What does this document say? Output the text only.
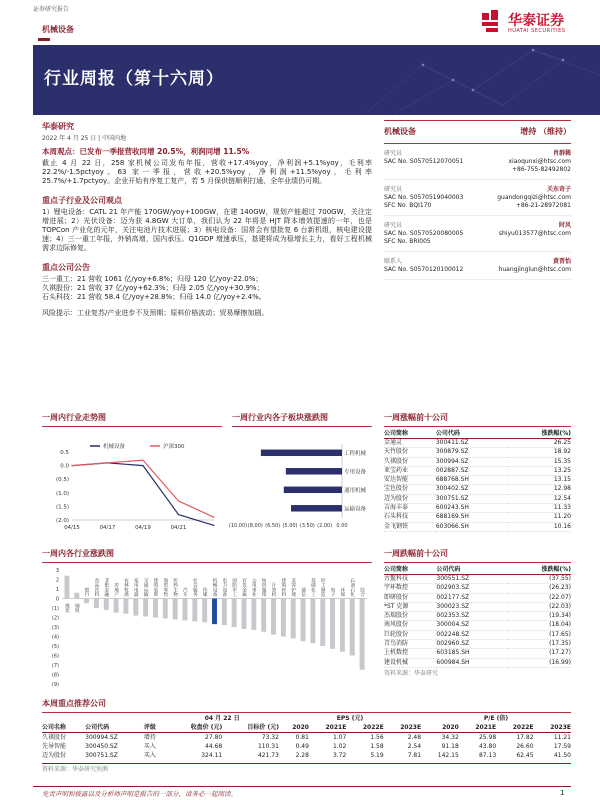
证券研究报告
机械设备
华泰证券
HUATAI SECURITIES
行业周报（第十六周）
华泰研究
2022 年 4 月 25 日 | 中国内地
本周观点：已发布一季报营收同增 20.5%，利润同增 11.5%
截止 4 月 22 日，258 家机械公司发布年报，营收+17.4%yoy，净利润+5.1%yoy，毛利率 22.2%/-1.5pctyoy。63 家一季报，营收+20.5%yoy，净利润+11.5%yoy，毛利率 25.7%/+1.7pctyoy。企业开始有序复工复产，若 5 月保供链顺利打通，全年业绩仍可期。
重点子行业及公司观点
1）锂电设备：CATL 21 年产能 170GW/yoy+100GW，在建 140GW，规划产能超过 700GW，关注定增进展；2）光伏设备：迈为获 4.8GW 大订单，我们认为 22 年将是 HJT 降本增效提速的一年，也是 TOPCon 产业化的元年，关注电池片技术进展；3）核电设备：国常会有望批复 6 台新机组，核电建设提速；4）三一重工年报，外销高增，国内承压。Q1GDP 增速承压，基建将成为稳增长主力，看好工程机械需求边际修复。
重点公司公告
三一重工：21 营收 1061 亿/yoy+6.8%；归母 120 亿/yoy-22.0%；
久祺股份：21 营收 37 亿/yoy+62.3%；归母 2.05 亿/yoy+30.9%；
石头科技：21 营收 58.4 亿/yoy+28.8%；归母 14.0 亿/yoy+2.4%。
风险提示：工业复苏/产业进步不及预期；原料价格波动；贸易摩擦加剧。
机械设备	增持 （维持）
研究员	肖群稀
SAC No. S0570512070051	xiaoqunxi@htsc.com
+86-755-82492802
研究员	关东奇子
SAC No. S0570519040003	guandongqizi@htsc.com
SFC No. BQI170	+86-21-28972081
研究员	时风
SAC No. S0570520080005	shiyu013577@htsc.com
SFC No. BRI005
联系人	黄晋怡
SAC No. S0570120100012	huangjinglun@htsc.com
一周内行业走势图
0.5
0.0
(0.5)
(1.0)
(1.5)
(2.0)
04/15	04/17	04/19	04/21
机械设备	沪深300
一周行业内各子板块涨跌图
工程机械
专用设备
通用机械
运输设备
(10.00) (8.00) (6.50) (5.00) (3.50) (2.00) 0.00
一周内各行业涨跌图
3
2
1
0
(1)
(2)
(3)
(4)
(5)
(6)
(7)
(8)
(9)
煤炭 钢铁
银行 食品饮料 非银金融 房地产 农林牧渔 家用电器 交通运输 建筑装饰 商贸零售 医药生物 汽车 社会服务 传媒 机械设备 电力设备 国防军工 有色金属 公用事业 纺织服饰 计算机 建筑材料 美容护理 通信 基础化工 轻工制造 电子 环保 石油石化 综合
一周涨幅前十公司
公司简称	公司代码	涨跌幅(%)
金通灵	300411.SZ	26.25
天竹股份	300879.SZ	18.92
久祺股份	300994.SZ	15.35
亚宝药业	002887.SZ	13.25
安达智能	688768.SH	13.15
宝色股份	300402.SZ	12.98
迈为股份	300751.SZ	12.54
吉海丰泰	600243.SH	11.33
石头科技	688169.SH	11.20
金飞钢铁	603066.SH	10.16
一周跌幅前十公司
公司简称	公司代码	涨跌幅(%)
古鳌科技	300551.SZ	(37.55)
宇环数控	002903.SZ	(26.23)
即研股份	002177.SZ	(22.07)
*ST 克源	300023.SZ	(22.03)
杰瑞股份	002353.SZ	(19.34)
南风股份	300004.SZ	(18.04)
巨轮股份	002248.SZ	(17.65)
青鸟消防	002960.SZ	(17.35)
上机数控	603185.SH	(17.27)
建设机械	600984.SH	(16.99)
资料来源：华泰研究
本周重点推荐公司
			04 月 22 日		EPS (元)				P/E (倍)			
公司名称	公司代码	评级	收盘价 (元)	目标价 (元)	2020	2021E	2022E	2023E	2020	2021E	2022E	2023E
久祺股份	300994.SZ	增持	27.80	73.32	0.81	1.07	1.56	2.48	34.32	25.98	17.82	11.21
先导智能	300450.SZ	买入	44.68	110.31	0.49	1.02	1.58	2.54	91.18	43.80	26.60	17.59
迈为股份	300751.SZ	买入	324.11	421.73	2.28	3.72	5.19	7.81	142.15	87.13	62.45	41.50
资料来源：华泰研究预测
免责声明和披露以及分析师声明是报告的一部分，请务必一起阅读。	1
